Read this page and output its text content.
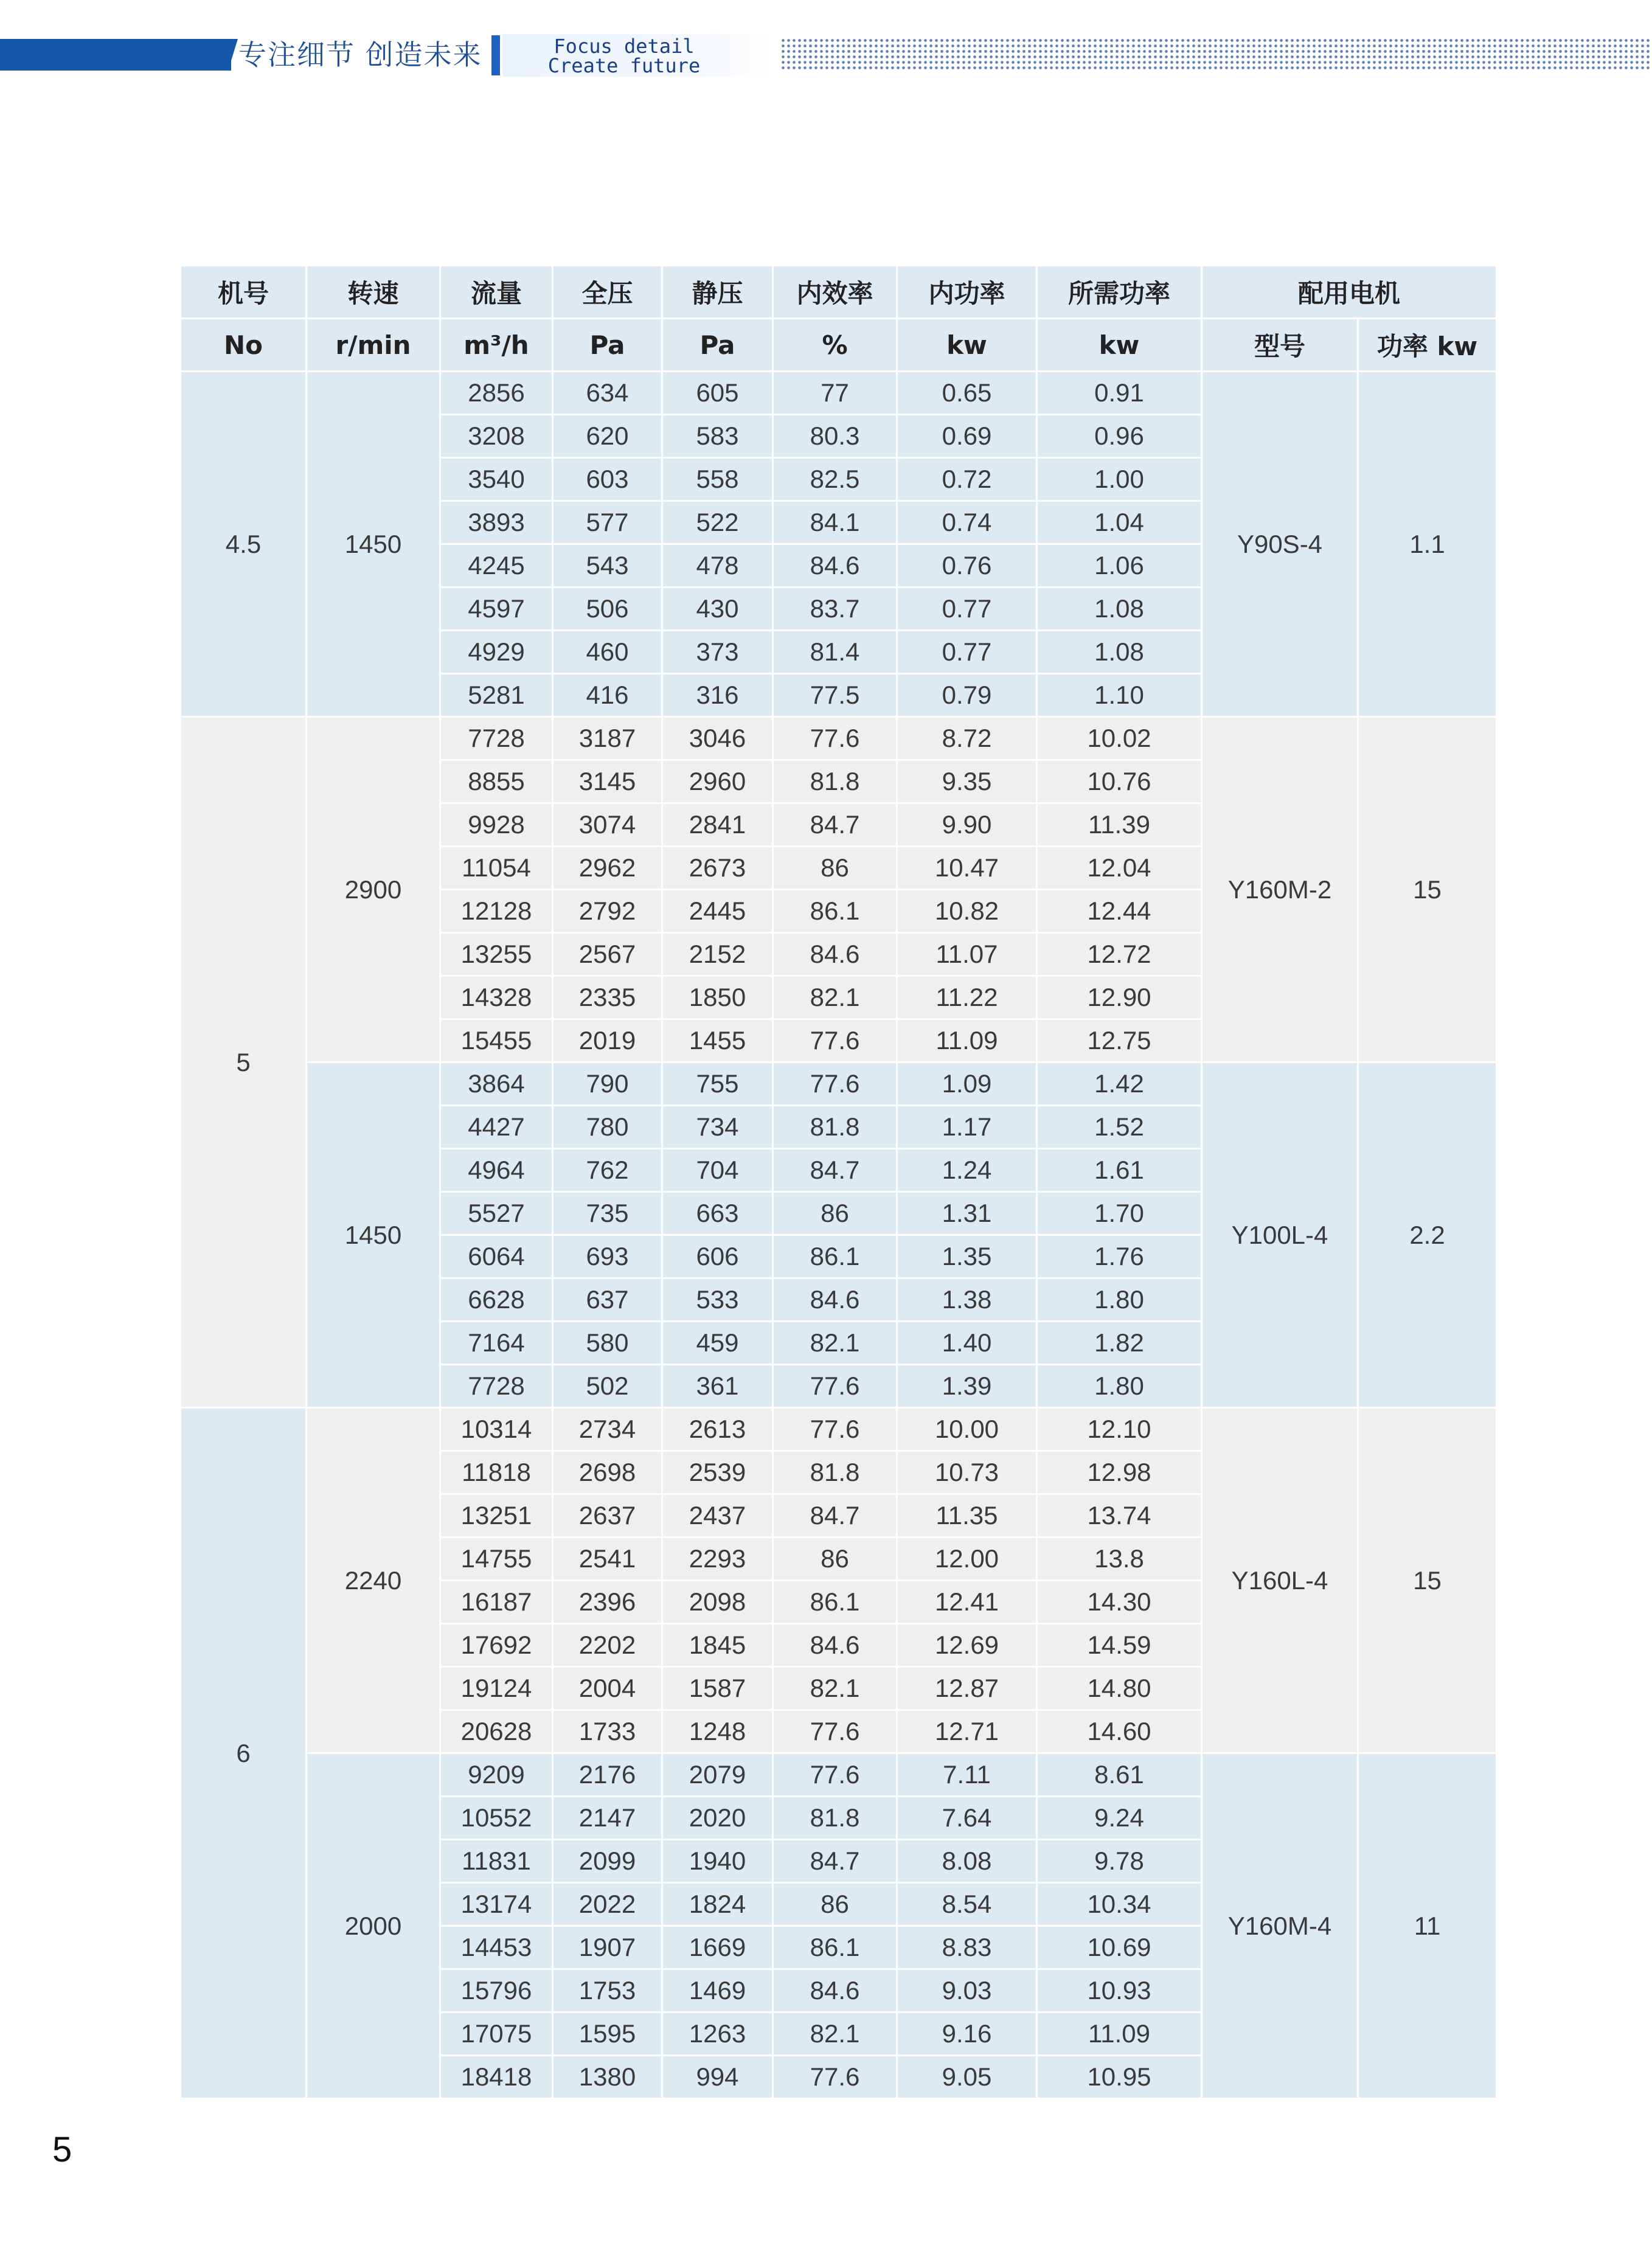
专注细节 创造未来	Focus detail
Create future
机号	转速	流量	全压	静压	内效率	内功率	所需功率	配用电机	
No	r/min	m³/h	Pa	Pa	%	kw	kw	型号	功率 kw
4.5	1450	2856	634	605	77	0.65	0.91	Y90S-4	1.1
		3208	620	583	80.3	0.69	0.96		
		3540	603	558	82.5	0.72	1.00		
		3893	577	522	84.1	0.74	1.04		
		4245	543	478	84.6	0.76	1.06		
		4597	506	430	83.7	0.77	1.08		
		4929	460	373	81.4	0.77	1.08		
		5281	416	316	77.5	0.79	1.10		
5	2900	7728	3187	3046	77.6	8.72	10.02	Y160M-2	15
		8855	3145	2960	81.8	9.35	10.76		
		9928	3074	2841	84.7	9.90	11.39		
		11054	2962	2673	86	10.47	12.04		
		12128	2792	2445	86.1	10.82	12.44		
		13255	2567	2152	84.6	11.07	12.72		
		14328	2335	1850	82.1	11.22	12.90		
		15455	2019	1455	77.6	11.09	12.75		
	1450	3864	790	755	77.6	1.09	1.42	Y100L-4	2.2
		4427	780	734	81.8	1.17	1.52		
		4964	762	704	84.7	1.24	1.61		
		5527	735	663	86	1.31	1.70		
		6064	693	606	86.1	1.35	1.76		
		6628	637	533	84.6	1.38	1.80		
		7164	580	459	82.1	1.40	1.82		
		7728	502	361	77.6	1.39	1.80		
6	2240	10314	2734	2613	77.6	10.00	12.10	Y160L-4	15
		11818	2698	2539	81.8	10.73	12.98		
		13251	2637	2437	84.7	11.35	13.74		
		14755	2541	2293	86	12.00	13.8		
		16187	2396	2098	86.1	12.41	14.30		
		17692	2202	1845	84.6	12.69	14.59		
		19124	2004	1587	82.1	12.87	14.80		
		20628	1733	1248	77.6	12.71	14.60		
	2000	9209	2176	2079	77.6	7.11	8.61	Y160M-4	11
		10552	2147	2020	81.8	7.64	9.24		
		11831	2099	1940	84.7	8.08	9.78		
		13174	2022	1824	86	8.54	10.34		
		14453	1907	1669	86.1	8.83	10.69		
		15796	1753	1469	84.6	9.03	10.93		
		17075	1595	1263	82.1	9.16	11.09		
		18418	1380	994	77.6	9.05	10.95		
5
